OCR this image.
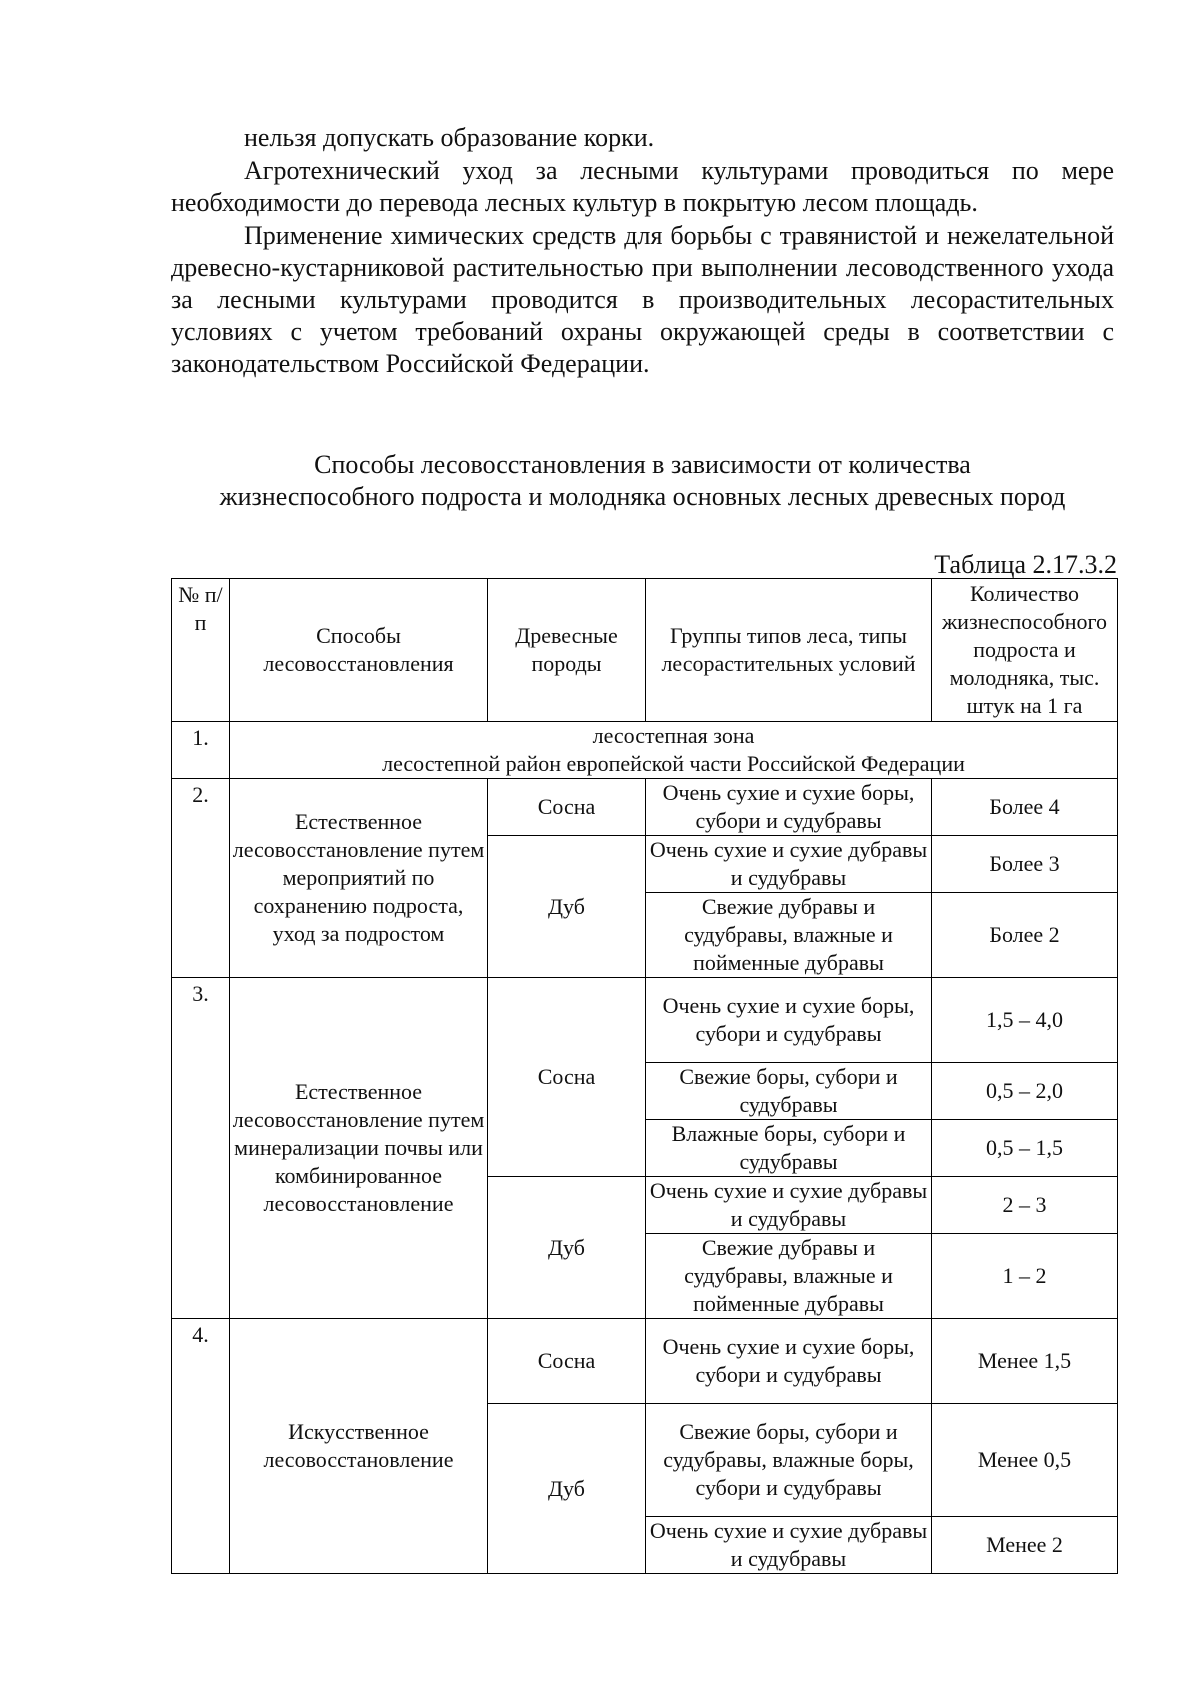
нельзя допускать образование корки.
Агротехнический уход за лесными культурами проводиться по мере необходимости до перевода лесных культур в покрытую лесом площадь.
Применение химических средств для борьбы с травянистой и нежелательной древесно-кустарниковой растительностью при выполнении лесоводственного ухода за лесными культурами проводится в производительных лесорастительных условиях с учетом требований охраны окружающей среды в соответствии с законодательством Российской Федерации.
Способы лесовосстановления в зависимости от количества
жизнеспособного подроста и молодняка основных лесных древесных пород
Таблица 2.17.3.2
№ п/п	Способы лесовосстановления	Древесные породы	Группы типов леса, типы лесорастительных условий	Количество жизнеспособного подроста и молодняка, тыс. штук на 1 га
1.	лесостепная зона
лесостепной район европейской части Российской Федерации			

2.	Естественное лесовосстановление путем мероприятий по сохранению подроста, уход за подростом	Сосна	Очень сухие и сухие боры, субори и судубравы	Более 4
		Дуб	Очень сухие и сухие дубравы и судубравы	Более 3
			Свежие дубравы и судубравы, влажные и пойменные дубравы	Более 2
3.	Естественное лесовосстановление путем минерализации почвы или комбинированное лесовосстановление	Сосна	Очень сухие и сухие боры, субори и судубравы	1,5 – 4,0
			Свежие боры, субори и судубравы	0,5 – 2,0
			Влажные боры, субори и судубравы	0,5 – 1,5
		Дуб	Очень сухие и сухие дубравы и судубравы	2 – 3
			Свежие дубравы и судубравы, влажные и пойменные дубравы	1 – 2
4.	Искусственное лесовосстановление	Сосна	Очень сухие и сухие боры, субори и судубравы	Менее 1,5
		Дуб	Свежие боры, субори и судубравы, влажные боры, субори и судубравы	Менее 0,5
			Очень сухие и сухие дубравы и судубравы	Менее 2
